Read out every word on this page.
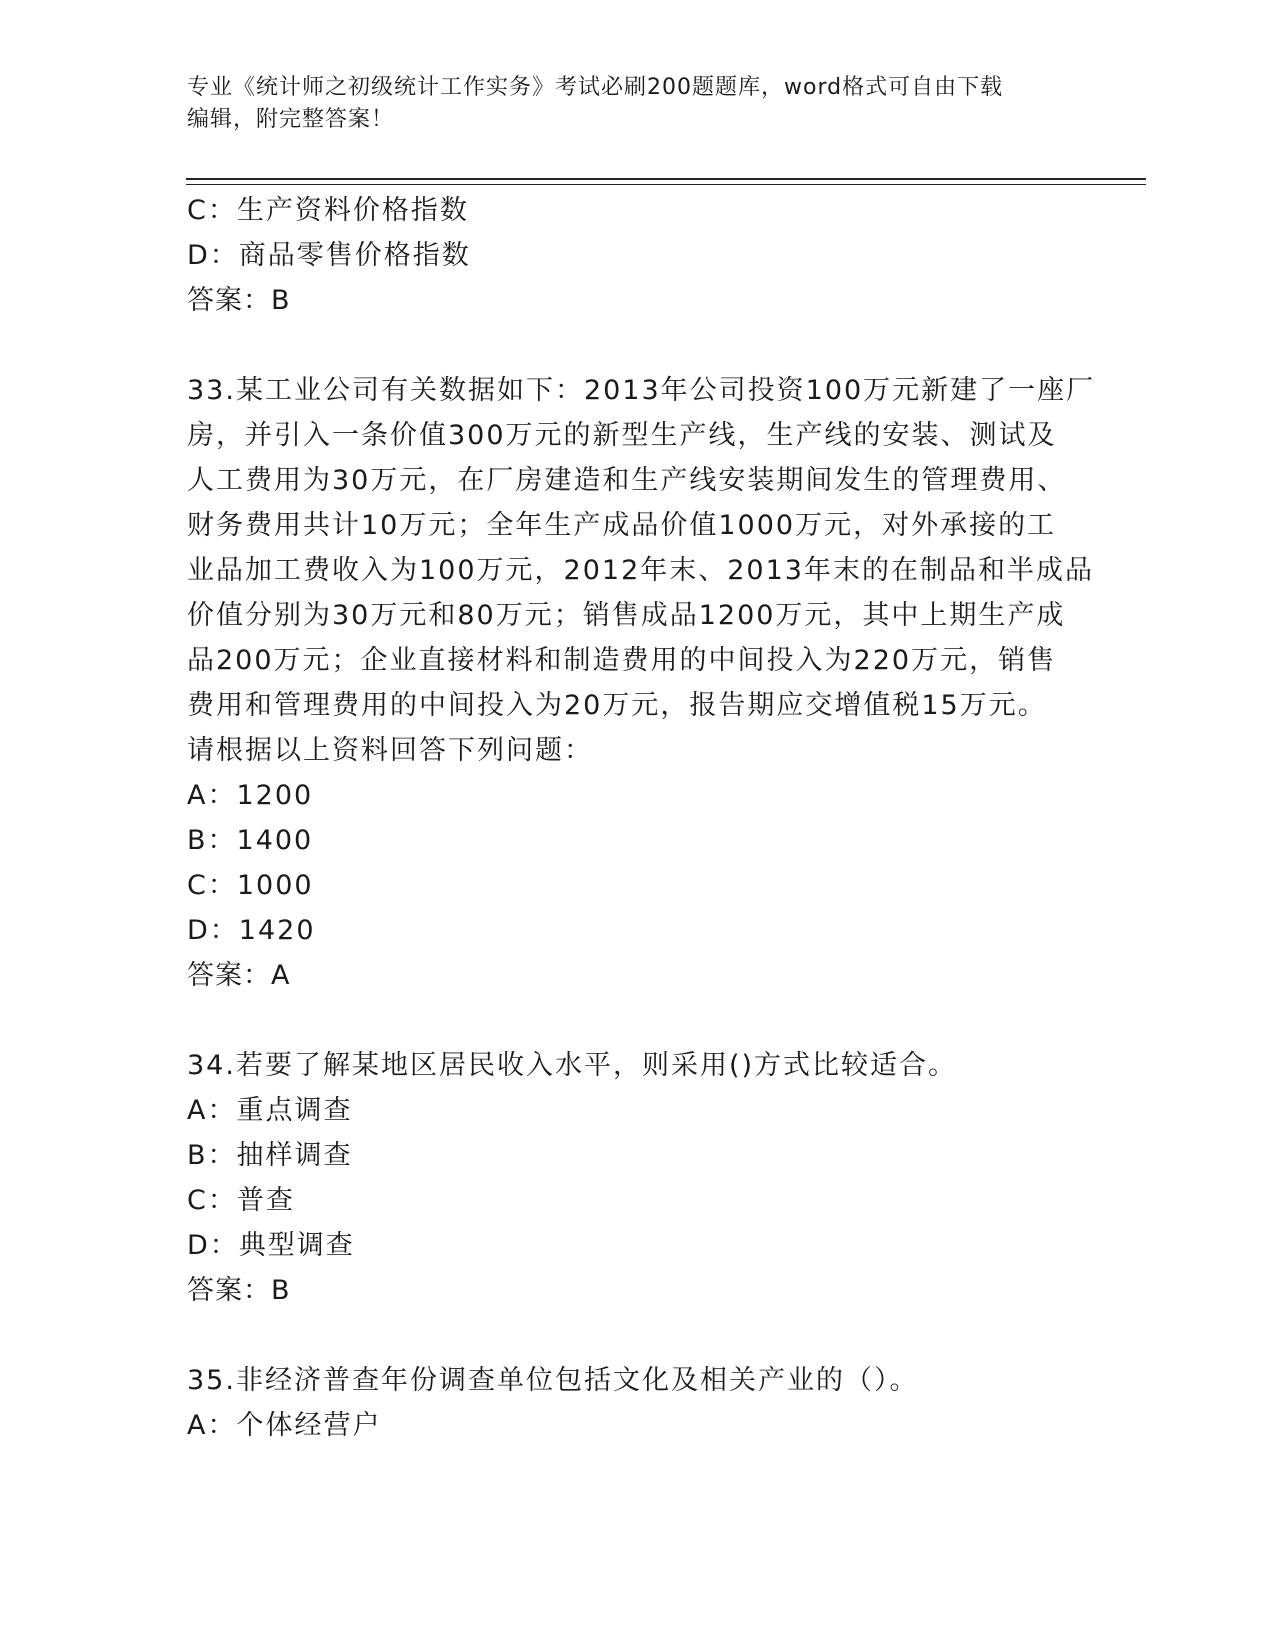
专业《统计师之初级统计工作实务》考试必刷200题题库，word格式可自由下载
编辑，附完整答案！
C：生产资料价格指数
D：商品零售价格指数
答案：B
33.某工业公司有关数据如下：2013年公司投资100万元新建了一座厂
房，并引入一条价值300万元的新型生产线，生产线的安装、测试及
人工费用为30万元，在厂房建造和生产线安装期间发生的管理费用、
财务费用共计10万元；全年生产成品价值1000万元，对外承接的工
业品加工费收入为100万元，2012年末、2013年末的在制品和半成品
价值分别为30万元和80万元；销售成品1200万元，其中上期生产成
品200万元；企业直接材料和制造费用的中间投入为220万元，销售
费用和管理费用的中间投入为20万元，报告期应交增值税15万元。
请根据以上资料回答下列问题：
A：1200
B：1400
C：1000
D：1420
答案：A
34.若要了解某地区居民收入水平，则采用()方式比较适合。
A：重点调查
B：抽样调查
C：普查
D：典型调查
答案：B
35.非经济普查年份调查单位包括文化及相关产业的（）。
A：个体经营户
